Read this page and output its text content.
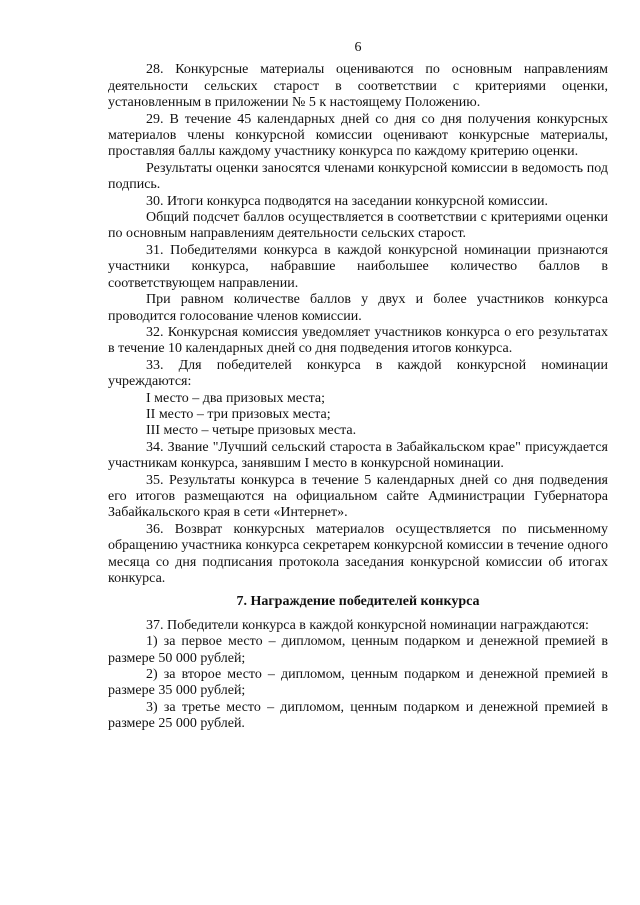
6

28. Конкурсные материалы оцениваются по основным направлениям деятельности сельских старост в соответствии с критериями оценки, установленным в приложении № 5 к настоящему Положению.

29. В течение 45 календарных дней со дня со дня получения конкурсных материалов члены конкурсной комиссии оценивают конкурсные материалы, проставляя баллы каждому участнику конкурса по каждому критерию оценки.

Результаты оценки заносятся членами конкурсной комиссии в ведомость под подпись.

30. Итоги конкурса подводятся на заседании конкурсной комиссии.

Общий подсчет баллов осуществляется в соответствии с критериями оценки по основным направлениям деятельности сельских старост.

31. Победителями конкурса в каждой конкурсной номинации признаются участники конкурса, набравшие наибольшее количество баллов в соответствующем направлении.

При равном количестве баллов у двух и более участников конкурса проводится голосование членов комиссии.

32. Конкурсная комиссия уведомляет участников конкурса о его результатах в течение 10 календарных дней со дня подведения итогов конкурса.

33. Для победителей конкурса в каждой конкурсной номинации учреждаются:

I место – два призовых места;

II место – три призовых места;

III место – четыре призовых места.

34. Звание "Лучший сельский староста в Забайкальском крае" присуждается участникам конкурса, занявшим I место в конкурсной номинации.

35. Результаты конкурса в течение 5 календарных дней со дня подведения его итогов размещаются на официальном сайте Администрации Губернатора Забайкальского края в сети «Интернет».

36. Возврат конкурсных материалов осуществляется по письменному обращению участника конкурса секретарем конкурсной комиссии в течение одного месяца со дня подписания протокола заседания конкурсной комиссии об итогах конкурса.

7. Награждение победителей конкурса

37. Победители конкурса в каждой конкурсной номинации награждаются:

1) за первое место – дипломом, ценным подарком и денежной премией в размере 50 000 рублей;

2) за второе место – дипломом, ценным подарком и денежной премией в размере 35 000 рублей;

3) за третье место – дипломом, ценным подарком и денежной премией в размере 25 000 рублей.
